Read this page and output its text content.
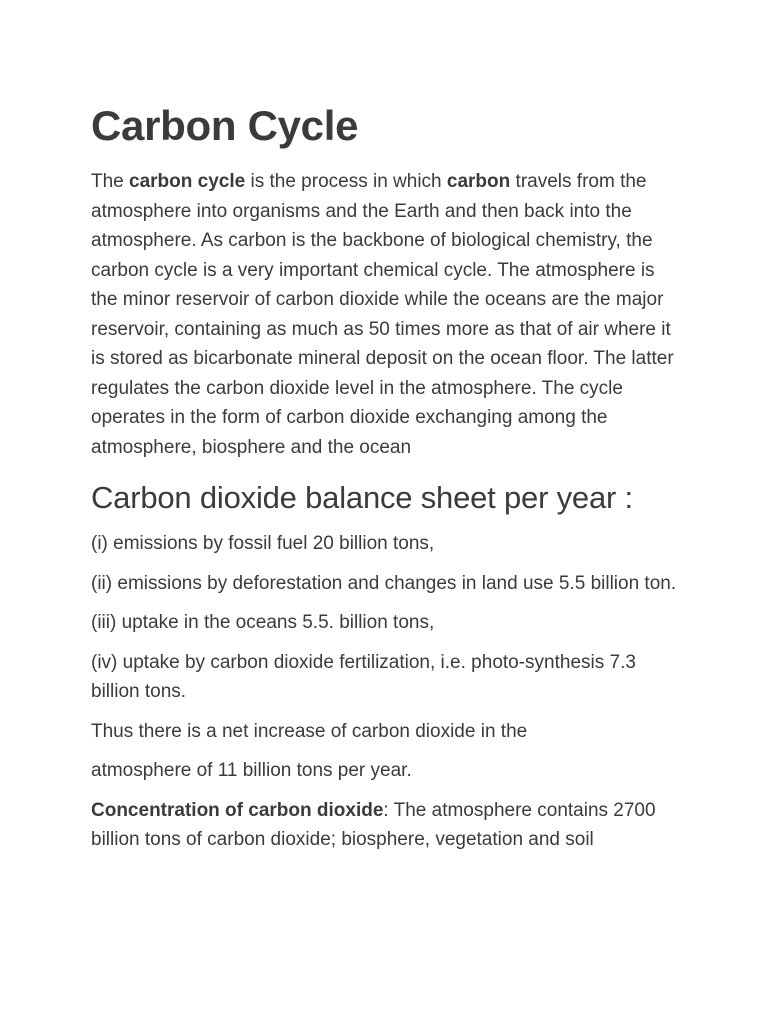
Carbon Cycle

The carbon cycle is the process in which carbon travels from the atmosphere into organisms and the Earth and then back into the atmosphere. As carbon is the backbone of biological chemistry, the carbon cycle is a very important chemical cycle. The atmosphere is the minor reservoir of carbon dioxide while the oceans are the major reservoir, containing as much as 50 times more as that of air where it is stored as bicarbonate mineral deposit on the ocean floor. The latter regulates the carbon dioxide level in the atmosphere. The cycle operates in the form of carbon dioxide exchanging among the atmosphere, biosphere and the ocean

Carbon dioxide balance sheet per year :

(i) emissions by fossil fuel 20 billion tons,

(ii) emissions by deforestation and changes in land use 5.5 billion ton.

(iii) uptake in the oceans 5.5. billion tons,

(iv) uptake by carbon dioxide fertilization, i.e. photo-synthesis 7.3 billion tons.

Thus there is a net increase of carbon dioxide in the

atmosphere of 11 billion tons per year.

Concentration of carbon dioxide: The atmosphere contains 2700 billion tons of carbon dioxide; biosphere, vegetation and soil
